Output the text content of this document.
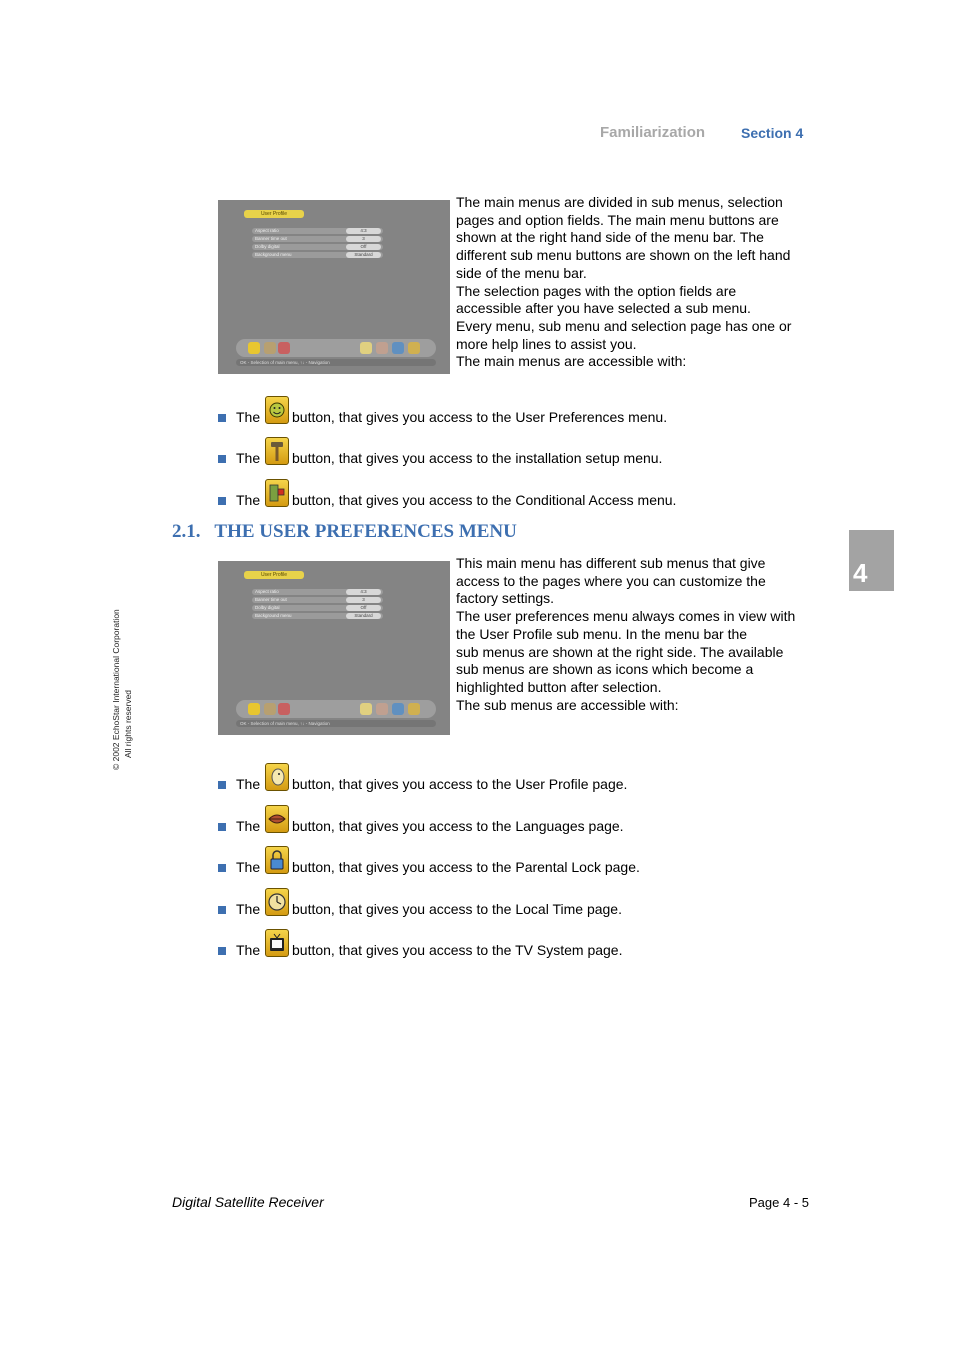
Familiarization	Section 4
4
© 2002 EchoStar International Corporation All rights reserved
User Profile
Aspect ratio	4:3
Banner time out	3
Dolby digital	Off
Background menu	Standard
OK - Selection of main menu, ↑↓ - Navigation
The main menus are divided in sub menus, selection
pages and option fields. The main menu buttons are
shown at the right hand side of the menu bar. The
different sub menu buttons are shown on the left hand
side of the menu bar.
The selection pages with the option fields are
accessible after you have selected a sub menu.
Every menu, sub menu and selection page has one or
more help lines to assist you.
The main menus are accessible with:
The button, that gives you access to the User Preferences menu.
The button, that gives you access to the installation setup menu.
The button, that gives you access to the Conditional Access menu.
2.1.   THE USER PREFERENCES MENU
User Profile
Aspect ratio	4:3
Banner time out	3
Dolby digital	Off
Background menu	Standard
OK - Selection of main menu, ↑↓ - Navigation
This main menu has different sub menus that give
access to the pages where you can customize the
factory settings.
The user preferences menu always comes in view with
the User Profile sub menu. In the menu bar the
sub menus are shown at the right side. The available
sub menus are shown as icons which become a
highlighted button after selection.
The sub menus are accessible with:
The button, that gives you access to the User Profile page.
The button, that gives you access to the Languages page.
The button, that gives you access to the Parental Lock page.
The button, that gives you access to the Local Time page.
The button, that gives you access to the TV System page.
Digital Satellite Receiver	Page 4 - 5
